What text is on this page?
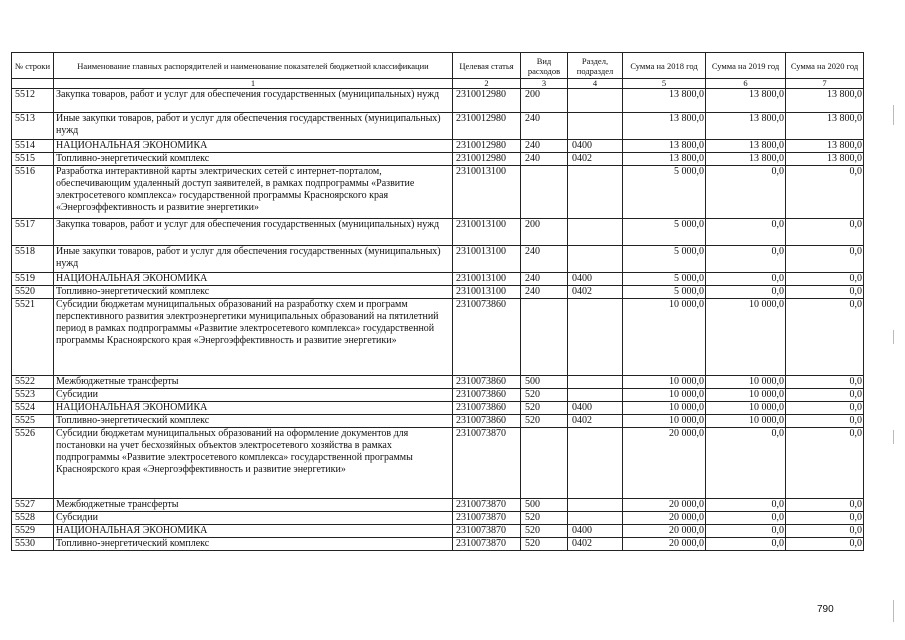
№ строки	Наименование главных распорядителей и наименование показателей бюджетной классификации	Целевая статья	Вид расходов	Раздел, подраздел	Сумма на 2018 год	Сумма на 2019 год	Сумма на 2020 год
	1	2	3	4	5	6	7
5512	Закупка товаров, работ и услуг для обеспечения государственных (муниципальных) нужд	2310012980	200		13 800,0	13 800,0	13 800,0
5513	Иные закупки товаров, работ и услуг для обеспечения государственных (муниципальных) нужд	2310012980	240		13 800,0	13 800,0	13 800,0
5514	НАЦИОНАЛЬНАЯ ЭКОНОМИКА	2310012980	240	0400	13 800,0	13 800,0	13 800,0
5515	Топливно-энергетический комплекс	2310012980	240	0402	13 800,0	13 800,0	13 800,0
5516	Разработка интерактивной карты электрических сетей с интернет-порталом, обеспечивающим удаленный доступ заявителей, в рамках подпрограммы «Развитие электросетевого комплекса» государственной программы Красноярского края «Энергоэффективность и развитие энергетики»	2310013100			5 000,0	0,0	0,0
5517	Закупка товаров, работ и услуг для обеспечения государственных (муниципальных) нужд	2310013100	200		5 000,0	0,0	0,0
5518	Иные закупки товаров, работ и услуг для обеспечения государственных (муниципальных) нужд	2310013100	240		5 000,0	0,0	0,0
5519	НАЦИОНАЛЬНАЯ ЭКОНОМИКА	2310013100	240	0400	5 000,0	0,0	0,0
5520	Топливно-энергетический комплекс	2310013100	240	0402	5 000,0	0,0	0,0
5521	Субсидии бюджетам муниципальных образований на разработку схем и программ перспективного развития электроэнергетики муниципальных образований на пятилетний период в рамках подпрограммы «Развитие электросетевого комплекса» государственной программы Красноярского края «Энергоэффективность и развитие энергетики»	2310073860			10 000,0	10 000,0	0,0
5522	Межбюджетные трансферты	2310073860	500		10 000,0	10 000,0	0,0
5523	Субсидии	2310073860	520		10 000,0	10 000,0	0,0
5524	НАЦИОНАЛЬНАЯ ЭКОНОМИКА	2310073860	520	0400	10 000,0	10 000,0	0,0
5525	Топливно-энергетический комплекс	2310073860	520	0402	10 000,0	10 000,0	0,0
5526	Субсидии бюджетам муниципальных образований на оформление документов для постановки на учет бесхозяйных объектов электросетевого хозяйства в рамках подпрограммы «Развитие электросетевого комплекса» государственной программы Красноярского края «Энергоэффективность и развитие энергетики»	2310073870			20 000,0	0,0	0,0
5527	Межбюджетные трансферты	2310073870	500		20 000,0	0,0	0,0
5528	Субсидии	2310073870	520		20 000,0	0,0	0,0
5529	НАЦИОНАЛЬНАЯ ЭКОНОМИКА	2310073870	520	0400	20 000,0	0,0	0,0
5530	Топливно-энергетический комплекс	2310073870	520	0402	20 000,0	0,0	0,0
790
